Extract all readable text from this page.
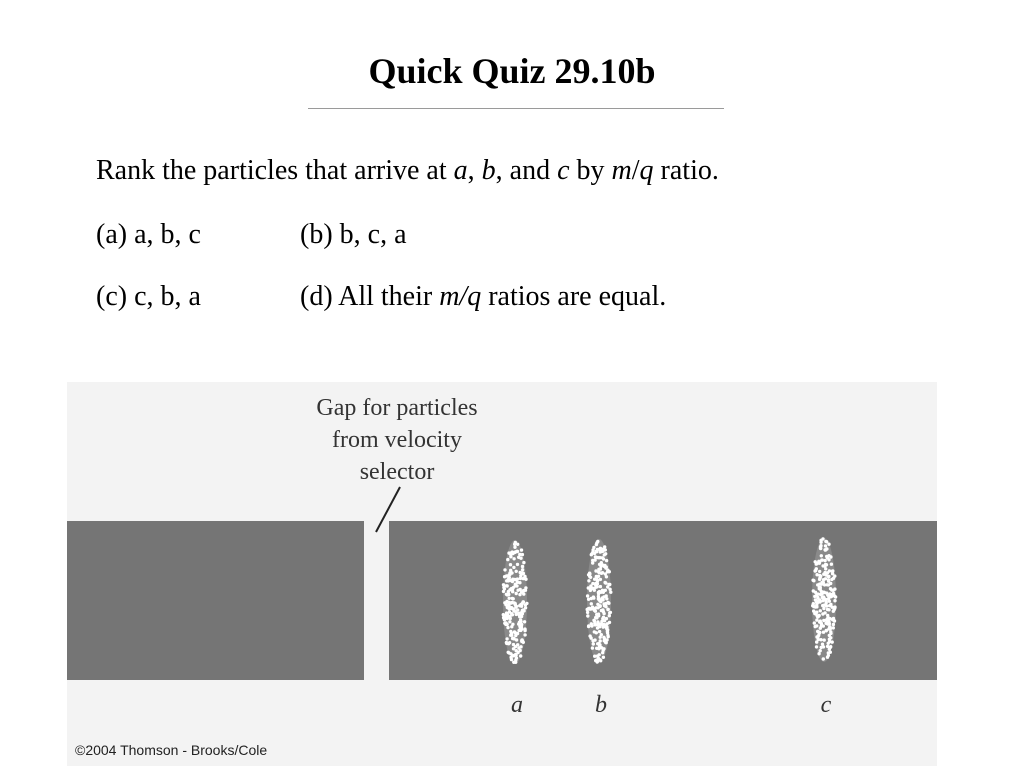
Quick Quiz 29.10b
Rank the particles that arrive at a, b, and c by m/q ratio.
(a) a, b, c	(b) b, c, a
(c) c, b, a	(d) All their m/q ratios are equal.
Gap for particles
from velocity
selector
a	b	c
©2004 Thomson - Brooks/Cole
